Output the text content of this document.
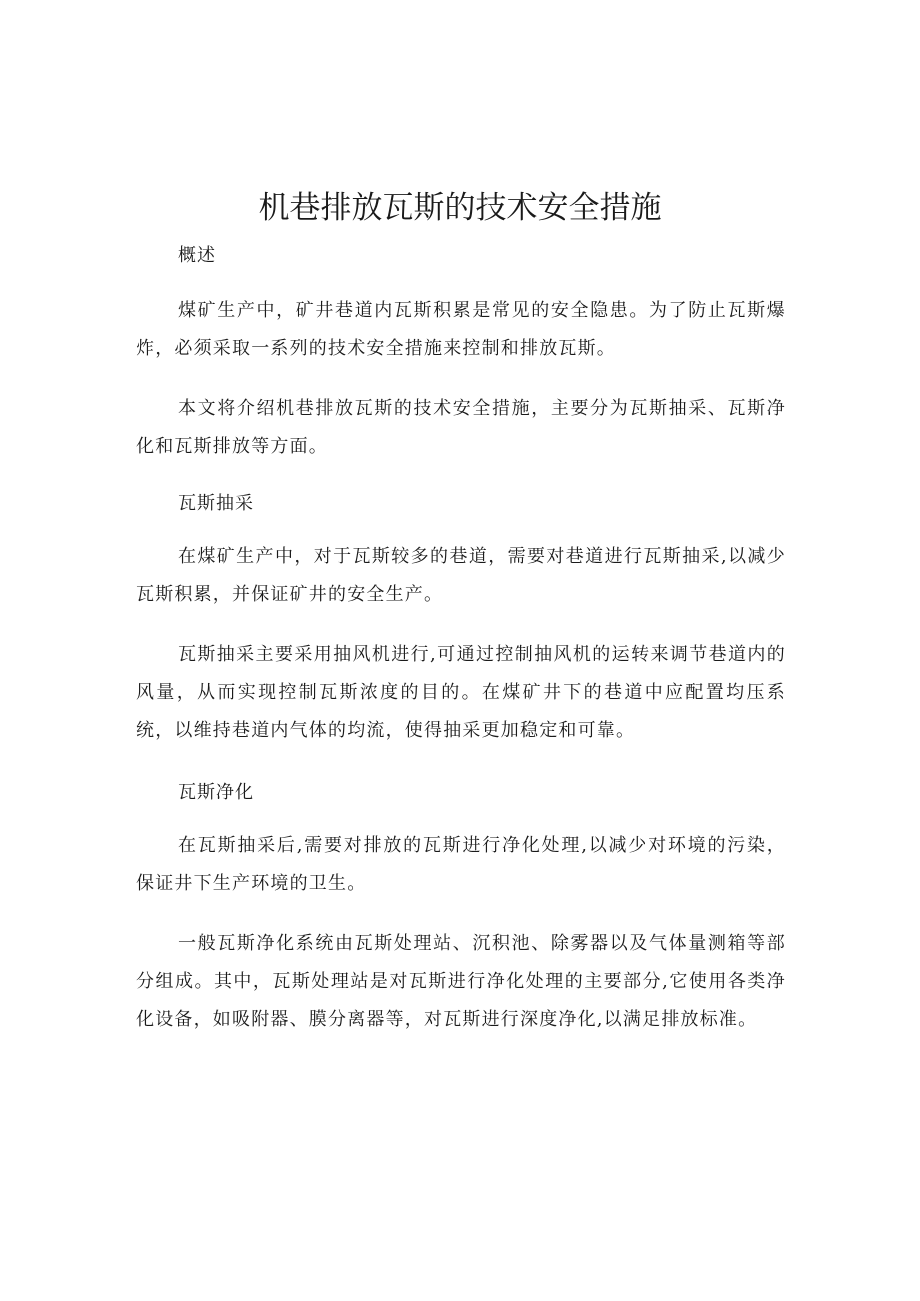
机巷排放瓦斯的技术安全措施

概述

煤矿生产中，矿井巷道内瓦斯积累是常见的安全隐患。为了防止瓦斯爆炸，必须采取一系列的技术安全措施来控制和排放瓦斯。

本文将介绍机巷排放瓦斯的技术安全措施，主要分为瓦斯抽采、瓦斯净化和瓦斯排放等方面。

瓦斯抽采

在煤矿生产中，对于瓦斯较多的巷道，需要对巷道进行瓦斯抽采,以减少瓦斯积累，并保证矿井的安全生产。

瓦斯抽采主要采用抽风机进行,可通过控制抽风机的运转来调节巷道内的风量，从而实现控制瓦斯浓度的目的。在煤矿井下的巷道中应配置均压系统，以维持巷道内气体的均流，使得抽采更加稳定和可靠。

瓦斯净化

在瓦斯抽采后,需要对排放的瓦斯进行净化处理,以减少对环境的污染，保证井下生产环境的卫生。

一般瓦斯净化系统由瓦斯处理站、沉积池、除雾器以及气体量测箱等部分组成。其中，瓦斯处理站是对瓦斯进行净化处理的主要部分,它使用各类净化设备，如吸附器、膜分离器等，对瓦斯进行深度净化,以满足排放标准。
